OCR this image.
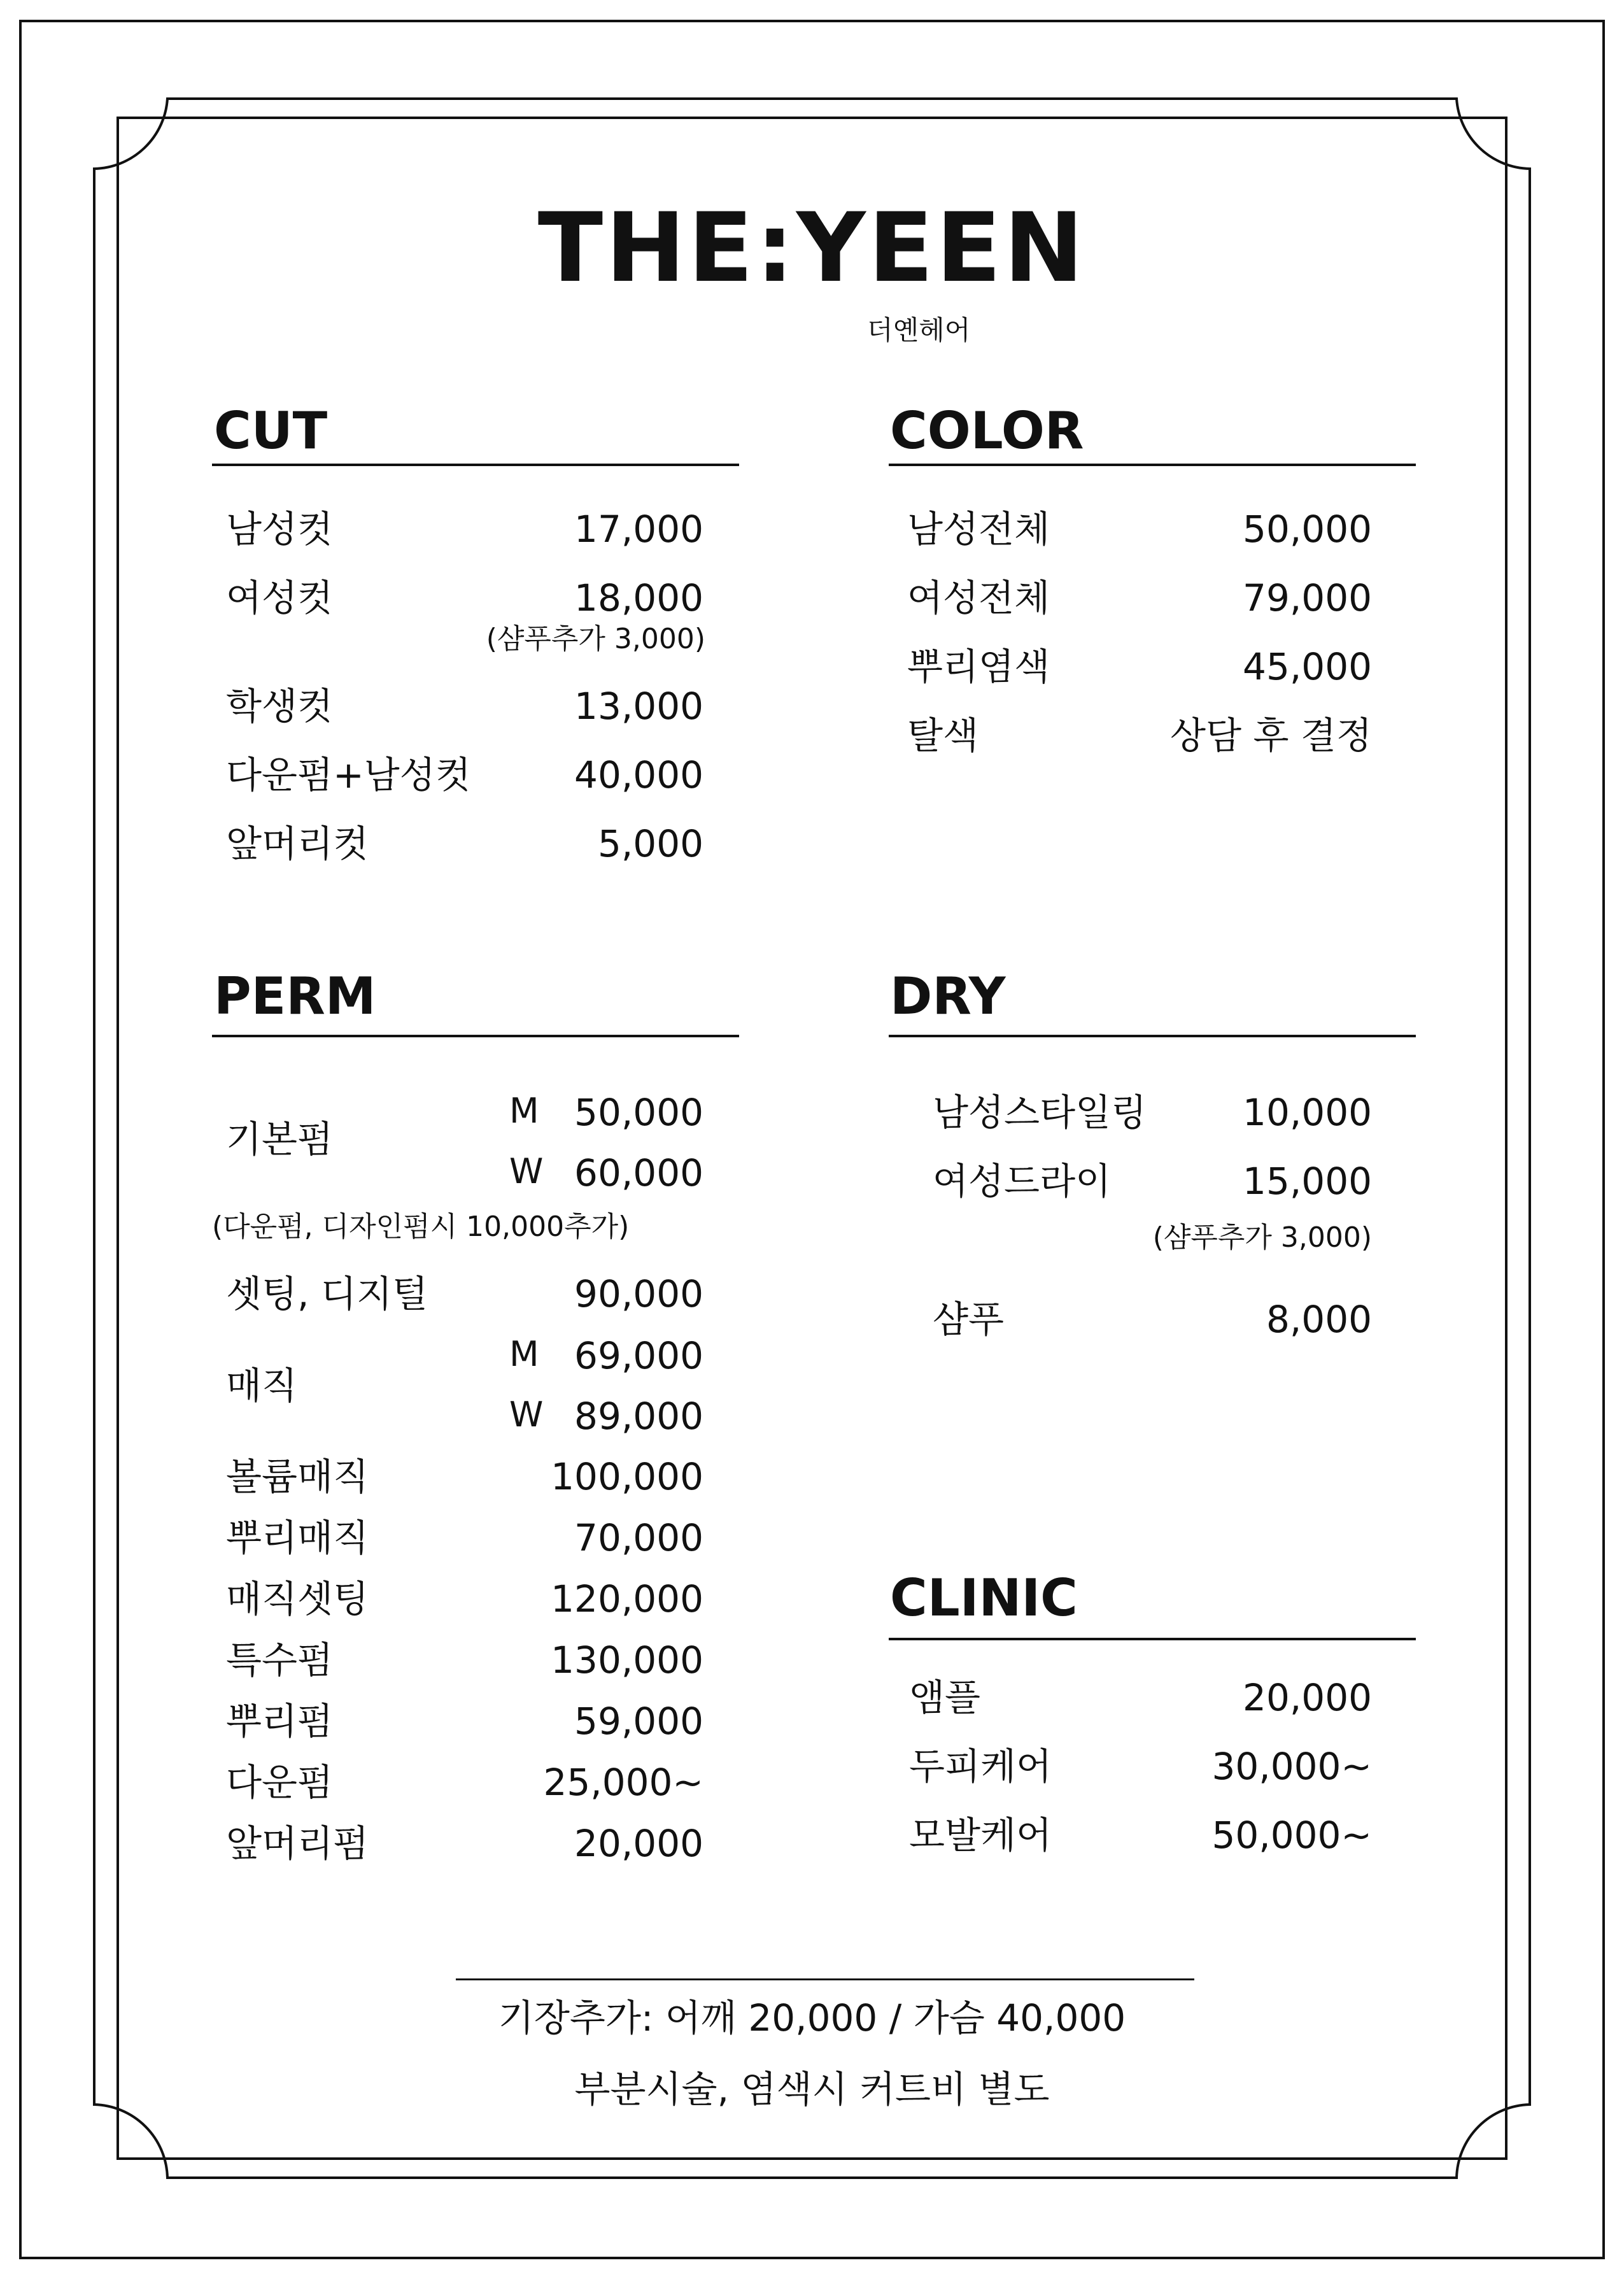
THE:YEEN
더옌헤어
CUT
남성컷	17,000
여성컷	18,000
(샴푸추가 3,000)
학생컷	13,000
다운펌+남성컷	40,000
앞머리컷	5,000
COLOR
남성전체	50,000
여성전체	79,000
뿌리염색	45,000
탈색	상담 후 결정
PERM
기본펌
M 50,000
W 60,000
(다운펌, 디자인펌시 10,000추가)
셋팅, 디지털	90,000
매직
M 69,000
W 89,000
볼륨매직	100,000
뿌리매직	70,000
매직셋팅	120,000
특수펌	130,000
뿌리펌	59,000
다운펌	25,000~
앞머리펌	20,000
DRY
남성스타일링	10,000
여성드라이	15,000
(샴푸추가 3,000)
샴푸	8,000
CLINIC
앰플	20,000
두피케어	30,000~
모발케어	50,000~
기장추가: 어깨 20,000 / 가슴 40,000
부분시술, 염색시 커트비 별도
